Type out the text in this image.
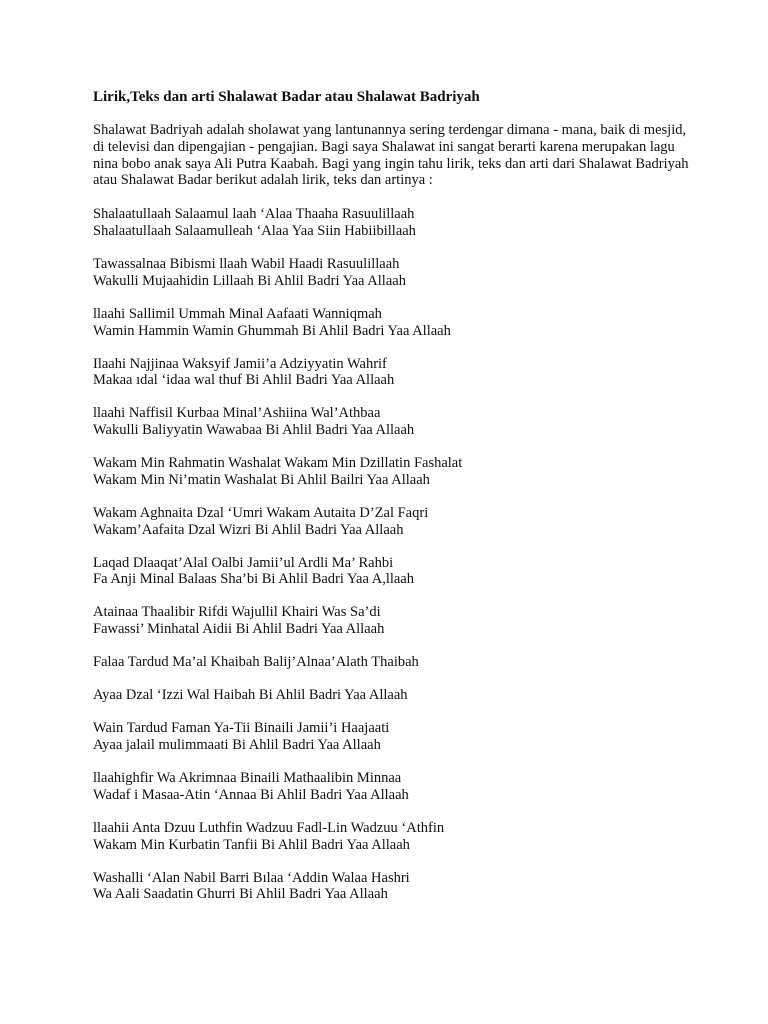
Lirik,Teks dan arti Shalawat Badar atau Shalawat Badriyah

Shalawat Badriyah adalah sholawat yang lantunannya sering terdengar dimana - mana, baik di mesjid, di televisi dan dipengajian - pengajian. Bagi saya Shalawat ini sangat berarti karena merupakan lagu nina bobo anak saya Ali Putra Kaabah. Bagi yang ingin tahu lirik, teks dan arti dari Shalawat Badriyah atau Shalawat Badar berikut adalah lirik, teks dan artinya :

Shalaatullaah Salaamul laah ‘Alaa Thaaha Rasuulillaah
Shalaatullaah Salaamulleah ‘Alaa Yaa Siin Habiibillaah

Tawassalnaa Bibismi llaah Wabil Haadi Rasuulillaah
Wakulli Mujaahidin Lillaah Bi Ahlil Badri Yaa Allaah

llaahi Sallimil Ummah Minal Aafaati Wanniqmah
Wamin Hammin Wamin Ghummah Bi Ahlil Badri Yaa Allaah

Ilaahi Najjinaa Waksyif Jamii’a Adziyyatin Wahrif
Makaa ıdal ‘idaa wal thuf Bi Ahlil Badri Yaa Allaah

llaahi Naffisil Kurbaa Minal’Ashiina Wal’Athbaa
Wakulli Baliyyatin Wawabaa Bi Ahlil Badri Yaa Allaah

Wakam Min Rahmatin Washalat Wakam Min Dzillatin Fashalat
Wakam Min Ni’matin Washalat Bi Ahlil Bailri Yaa Allaah

Wakam Aghnaita Dzal ‘Umri Wakam Autaita D’Zal Faqri
Wakam’Aafaita Dzal Wizri Bi Ahlil Badri Yaa Allaah

Laqad Dlaaqat’Alal Oalbi Jamii’ul Ardli Ma’ Rahbi
Fa Anji Minal Balaas Sha’bi Bi Ahlil Badri Yaa A,llaah

Atainaa Thaalibir Rifdi Wajullil Khairi Was Sa’di
Fawassi’ Minhatal Aidii Bi Ahlil Badri Yaa Allaah

Falaa Tardud Ma’al Khaibah Balij’Alnaa’Alath Thaibah

Ayaa Dzal ‘Izzi Wal Haibah Bi Ahlil Badri Yaa Allaah

Wain Tardud Faman Ya-Tii Binaili Jamii’i Haajaati
Ayaa jalail mulimmaati Bi Ahlil Badri Yaa Allaah

llaahighfir Wa Akrimnaa Binaili Mathaalibin Minnaa
Wadaf i Masaa-Atin ‘Annaa Bi Ahlil Badri Yaa Allaah

llaahii Anta Dzuu Luthfin Wadzuu Fadl-Lin Wadzuu ‘Athfin
Wakam Min Kurbatin Tanfii Bi Ahlil Badri Yaa Allaah

Washalli ‘Alan Nabil Barri Bılaa ‘Addin Walaa Hashri
Wa Aali Saadatin Ghurri Bi Ahlil Badri Yaa Allaah
